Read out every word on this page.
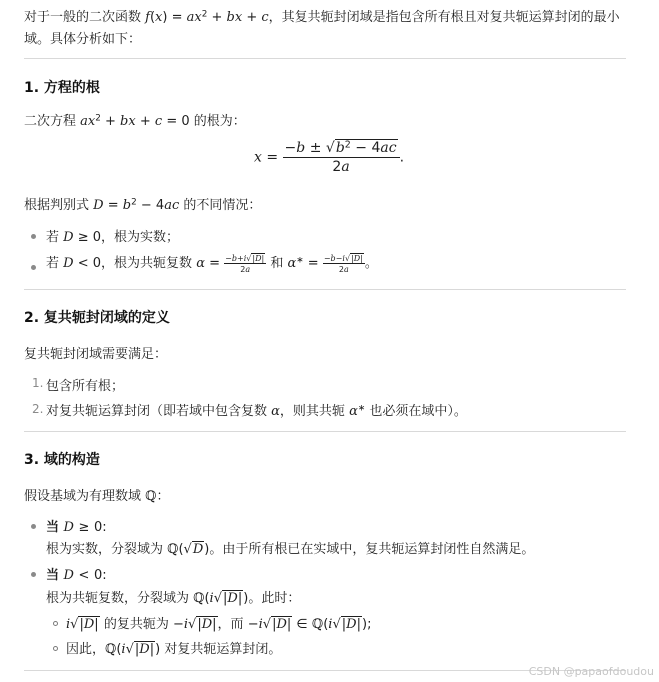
对于一般的二次函数 $f(x) = ax^2$ + bx + c，其复共轭封闭域是指包含所有根且对复共轭运算封闭的最小
域。具体分析如下：
1. 方程的根
二次方程 $ax^2$ + bx + c = 0 的根为：
$x = \frac{-b \pm √b^2 - 4ac}{2a}$ .
根据判别式 $D = b^2 - 4ac$ 的不同情况：
若 D ≥ 0，根为实数；
若 D < 0，根为共轭复数 $\alpha = \frac{-b+i√|D|}{2a}$ 和 $\alpha^∗ = \frac{-b-i√|D|}{2a}$ 。
2. 复共轭封闭域的定义
复共轭封闭域需要满足：
1. 包含所有根；
2. 对复共轭运算封闭（即若域中包含复数 α，则其共轭 α∗ 也必须在域中）。
3. 域的构造
假设基域为有理数域 ℚ：
当 D ≥ 0:
根为实数，分裂域为 ℚ(√D)。由于所有根已在实域中，复共轭运算封闭性自然满足。
当 D < 0:
根为共轭复数，分裂域为 ℚ(i√|D|)。此时：
i√|D| 的复共轭为 −i√|D|，而 −i√|D| ∈ ℚ(i√|D|);
因此，ℚ(i√|D|) 对复共轭运算封闭。
CSDN @papaofdoudou
